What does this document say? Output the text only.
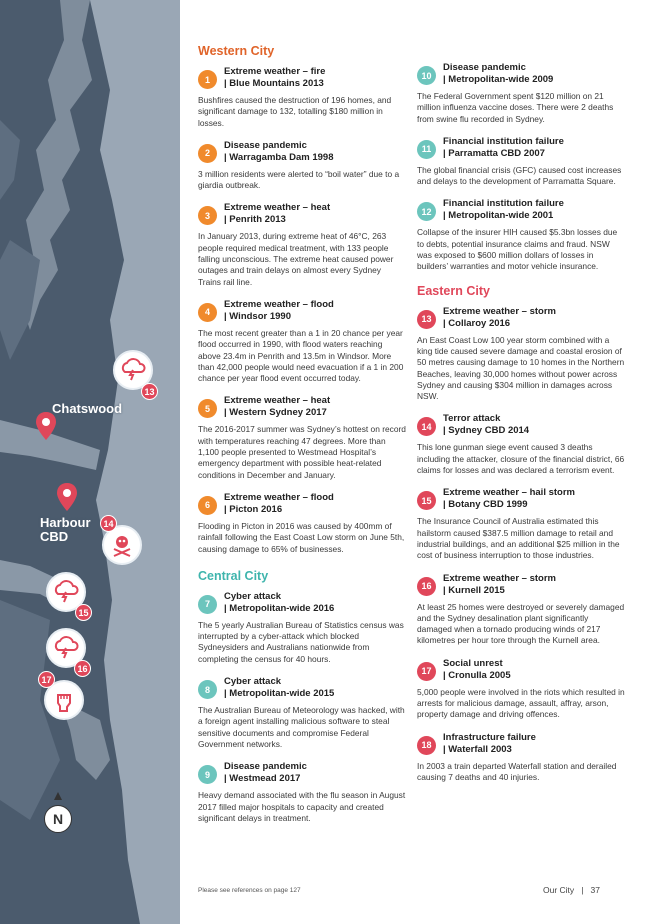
Chatswood
Harbour CBD
13
14
15
16
17
N
Western City
1
Extreme weather – fire
| Blue Mountains 2013

Bushfires caused the destruction of 196 homes, and significant damage to 132, totalling $180 million in losses.

2
Disease pandemic
| Warragamba Dam 1998

3 million residents were alerted to “boil water” due to a giardia outbreak.

3
Extreme weather – heat
| Penrith 2013

In January 2013, during extreme heat of 46°C, 263 people required medical treatment, with 133 people falling unconscious. The extreme heat caused power outages and train delays on almost every Sydney Trains rail line.

4
Extreme weather – flood
| Windsor 1990

The most recent greater than a 1 in 20 chance per year flood occurred in 1990, with flood waters reaching above 23.4m in Penrith and 13.5m in Windsor. More than 42,000 people would need evacuation if a 1 in 200 chance per year flood event occurred today.

5
Extreme weather – heat
| Western Sydney 2017

The 2016-2017 summer was Sydney’s hottest on record with temperatures reaching 47 degrees. More than 1,100 people presented to Westmead Hospital’s emergency department with possible heat-related conditions in December and January.

6
Extreme weather – flood
| Picton 2016

Flooding in Picton in 2016 was caused by 400mm of rainfall following the East Coast Low storm on June 5th, causing damage to 65% of businesses.

Central City
7
Cyber attack
| Metropolitan-wide 2016

The 5 yearly Australian Bureau of Statistics census was interrupted by a cyber-attack which blocked Sydneysiders and Australians nationwide from completing the census for 40 hours.

8
Cyber attack
| Metropolitan-wide 2015

The Australian Bureau of Meteorology was hacked, with a foreign agent installing malicious software to steal sensitive documents and compromise Federal Government networks.

9
Disease pandemic
| Westmead 2017

Heavy demand associated with the flu season in August 2017 filled major hospitals to capacity and created significant delays in treatment.

10
Disease pandemic
| Metropolitan-wide 2009

The Federal Government spent $120 million on 21 million influenza vaccine doses. There were 2 deaths from swine flu recorded in Sydney.

11
Financial institution failure
| Parramatta CBD 2007

The global financial crisis (GFC) caused cost increases and delays to the development of Parramatta Square.

12
Financial institution failure
| Metropolitan-wide 2001

Collapse of the insurer HIH caused $5.3bn losses due to debts, potential insurance claims and fraud. NSW was exposed to $600 million dollars of losses in builders’ warranties and motor vehicle insurance.

Eastern City
13
Extreme weather – storm
| Collaroy 2016

An East Coast Low 100 year storm combined with a king tide caused severe damage and coastal erosion of 50 metres causing damage to 10 homes in the Northern Beaches, leaving 30,000 homes without power across Sydney and causing $304 million in damages across NSW.

14
Terror attack
| Sydney CBD 2014

This lone gunman siege event caused 3 deaths including the attacker, closure of the financial district, 66 claims for losses and was declared a terrorism event.

15
Extreme weather – hail storm
| Botany CBD 1999

The Insurance Council of Australia estimated this hailstorm caused $387.5 million damage to retail and industrial buildings, and an additional $25 million in the cost of business interruption to those industries.

16
Extreme weather – storm
| Kurnell 2015

At least 25 homes were destroyed or severely damaged and the Sydney desalination plant significantly damaged when a tornado producing winds of 217 kilometres per hour tore through the Kurnell area.

17
Social unrest
| Cronulla 2005

5,000 people were involved in the riots which resulted in arrests for malicious damage, assault, affray, arson, property damage and driving offences.

18
Infrastructure failure
| Waterfall 2003

In 2003 a train departed Waterfall station and derailed causing 7 deaths and 40 injuries.

Please see references on page 127	Our City   |   37
